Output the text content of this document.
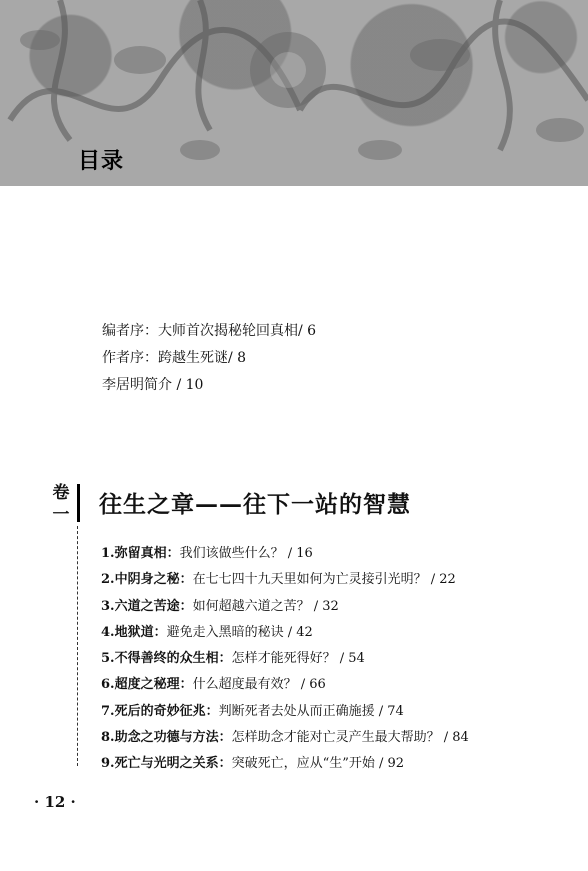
目录
编者序：大师首次揭秘轮回真相/ 6
作者序：跨越生死谜/ 8
李居明简介 / 10
卷
一 往生之章——往下一站的智慧
1.弥留真相：我们该做些什么？ / 16
2.中阴身之秘：在七七四十九天里如何为亡灵接引光明？ / 22
3.六道之苦途：如何超越六道之苦？ / 32
4.地狱道：避免走入黑暗的秘诀 / 42
5.不得善终的众生相：怎样才能死得好？ / 54
6.超度之秘理：什么超度最有效？ / 66
7.死后的奇妙征兆：判断死者去处从而正确施援 / 74
8.助念之功德与方法：怎样助念才能对亡灵产生最大帮助？ / 84
9.死亡与光明之关系：突破死亡，应从“生”开始 / 92
· 12 ·
